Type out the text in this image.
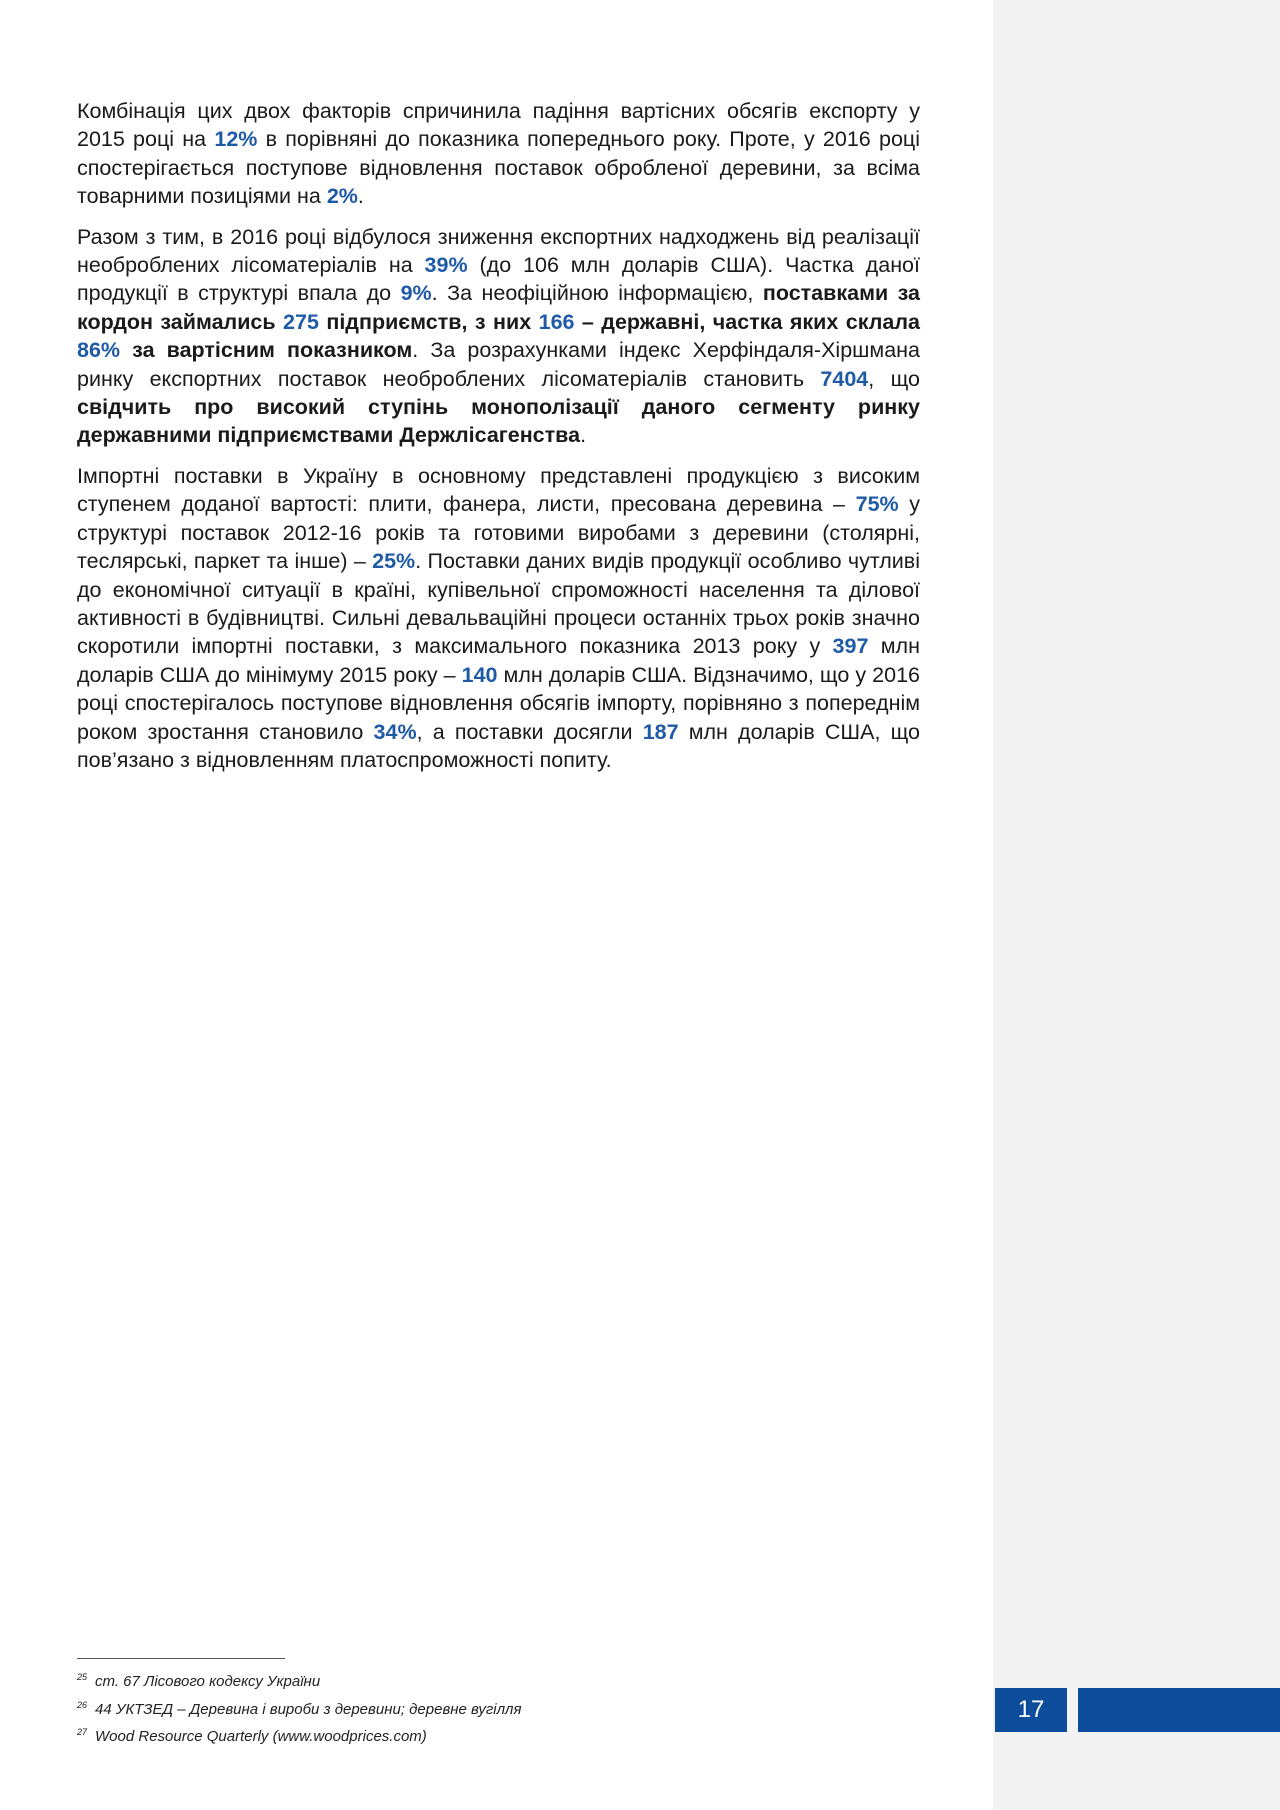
Комбінація цих двох факторів спричинила падіння вартісних обсягів експорту у 2015 році на 12% в порівняні до показника попереднього року. Проте, у 2016 році спостерігається поступове відновлення поставок обробленої деревини, за всіма товарними позиціями на 2%.

Разом з тим, в 2016 році відбулося зниження експортних надходжень від реалізації необроблених лісоматеріалів на 39% (до 106 млн доларів США). Частка даної продукції в структурі впала до 9%. За неофіційною інформацією, поставками за кордон займались 275 підприємств, з них 166 – державні, частка яких склала 86% за вартісним показником. За розрахунками індекс Херфіндаля-Хіршмана ринку експортних поставок необроблених лісоматеріалів становить 7404, що свідчить про високий ступінь монополізації даного сегменту ринку державними підприємствами Держлісагенства.

Імпортні поставки в Україну в основному представлені продукцією з високим ступенем доданої вартості: плити, фанера, листи, пресована деревина – 75% у структурі поставок 2012-16 років та готовими виробами з деревини (столярні, теслярські, паркет та інше) – 25%. Поставки даних видів продукції особливо чутливі до економічної ситуації в країні, купівельної спроможності населення та ділової активності в будівництві. Сильні девальваційні процеси останніх трьох років значно скоротили імпортні поставки, з максимального показника 2013 року у 397 млн доларів США до мінімуму 2015 року – 140 млн доларів США. Відзначимо, що у 2016 році спостерігалось поступове відновлення обсягів імпорту, порівняно з попереднім роком зростання становило 34%, а поставки досягли 187 млн доларів США, що пов’язано з відновленням платоспроможності попиту.

$^{25}$ ст. 67 Лісового кодексу України
$^{26}$ 44 УКТЗЕД – Деревина і вироби з деревини; деревне вугілля
$^{27}$ Wood Resource Quarterly (www.woodprices.com)
17
